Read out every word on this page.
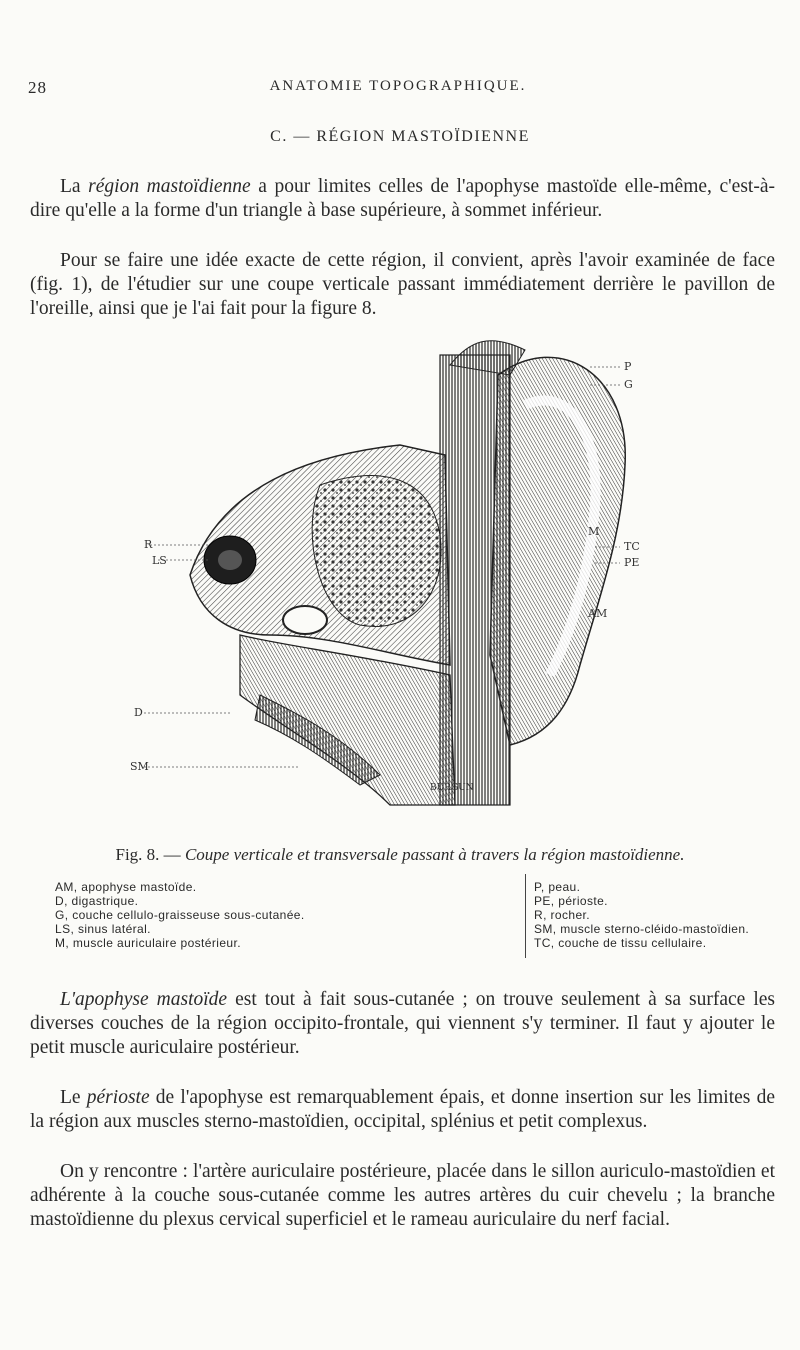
28	ANATOMIE TOPOGRAPHIQUE.
C. — RÉGION MASTOÏDIENNE

La région mastoïdienne a pour limites celles de l'apophyse mastoïde elle-même, c'est-à-dire qu'elle a la forme d'un triangle à base supérieure, à sommet inférieur.

Pour se faire une idée exacte de cette région, il convient, après l'avoir examinée de face (fig. 1), de l'étudier sur une coupe verticale passant immédiatement derrière le pavillon de l'oreille, ainsi que je l'ai fait pour la figure 8.

R
LS
D
SM
P
G
M
TC
PE
AM
BURGUN
Fig. 8. — Coupe verticale et transversale passant à travers la région mastoïdienne.
AM, apophyse mastoïde.
D, digastrique.
G, couche cellulo-graisseuse sous-cutanée.
LS, sinus latéral.
M, muscle auriculaire postérieur.
P, peau.
PE, périoste.
R, rocher.
SM, muscle sterno-cléido-mastoïdien.
TC, couche de tissu cellulaire.

L'apophyse mastoïde est tout à fait sous-cutanée ; on trouve seulement à sa surface les diverses couches de la région occipito-frontale, qui viennent s'y terminer. Il faut y ajouter le petit muscle auriculaire postérieur.

Le périoste de l'apophyse est remarquablement épais, et donne insertion sur les limites de la région aux muscles sterno-mastoïdien, occipital, splénius et petit complexus.

On y rencontre : l'artère auriculaire postérieure, placée dans le sillon auriculo-mastoïdien et adhérente à la couche sous-cutanée comme les autres artères du cuir chevelu ; la branche mastoïdienne du plexus cervical superficiel et le rameau auriculaire du nerf facial.
